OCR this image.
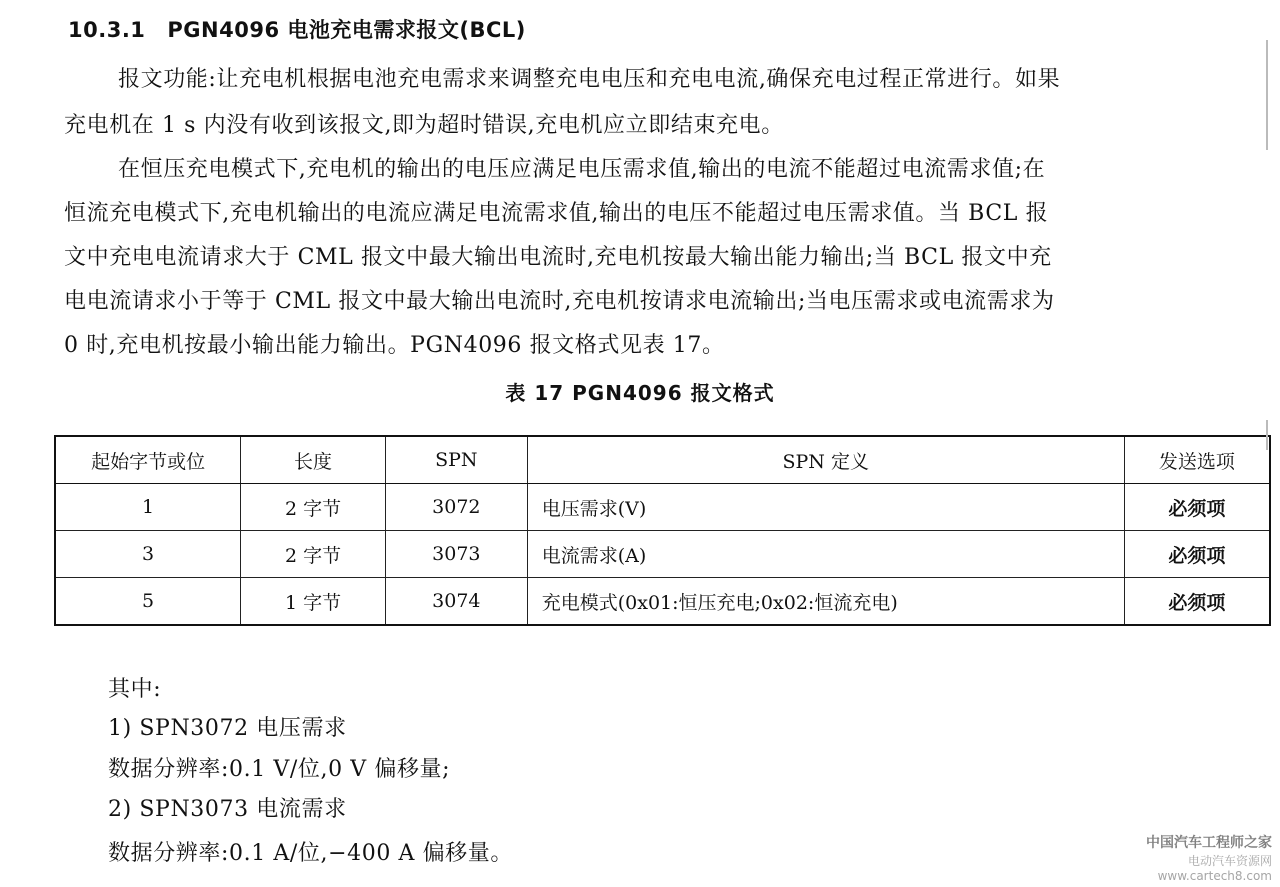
10.3.1 PGN4096 电池充电需求报文(BCL)
报文功能:让充电机根据电池充电需求来调整充电电压和充电电流,确保充电过程正常进行。如果
充电机在 1 s 内没有收到该报文,即为超时错误,充电机应立即结束充电。
在恒压充电模式下,充电机的输出的电压应满足电压需求值,输出的电流不能超过电流需求值;在
恒流充电模式下,充电机输出的电流应满足电流需求值,输出的电压不能超过电压需求值。当 BCL 报
文中充电电流请求大于 CML 报文中最大输出电流时,充电机按最大输出能力输出;当 BCL 报文中充
电电流请求小于等于 CML 报文中最大输出电流时,充电机按请求电流输出;当电压需求或电流需求为
0 时,充电机按最小输出能力输出。PGN4096 报文格式见表 17。
表 17 PGN4096 报文格式
起始字节或位	长度	SPN	SPN 定义	发送选项
1	2 字节	3072	电压需求(V)	必须项
3	2 字节	3073	电流需求(A)	必须项
5	1 字节	3074	充电模式(0x01:恒压充电;0x02:恒流充电)	必须项
其中:
1) SPN3072 电压需求
数据分辨率:0.1 V/位,0 V 偏移量;
2) SPN3073 电流需求
数据分辨率:0.1 A/位,−400 A 偏移量。	中国汽车工程师之家
电动汽车资源网
www.cartech8.com
